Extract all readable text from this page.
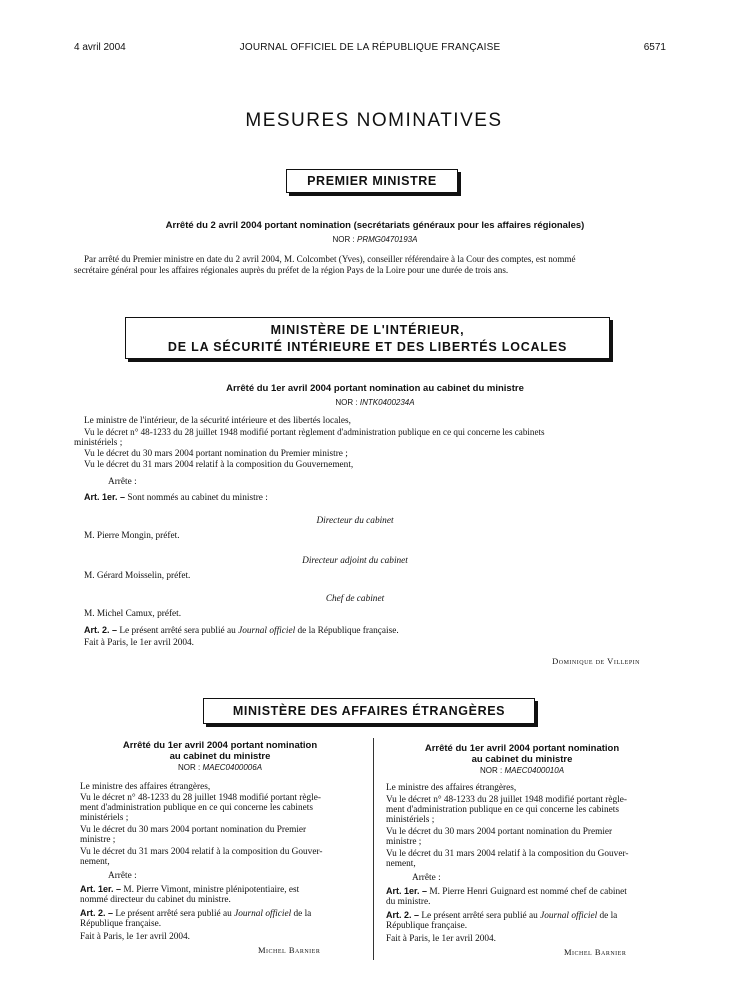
4 avril 2004	JOURNAL OFFICIEL DE LA RÉPUBLIQUE FRANÇAISE	6571
MESURES NOMINATIVES
PREMIER MINISTRE
Arrêté du 2 avril 2004 portant nomination (secrétariats généraux pour les affaires régionales)
NOR : PRMG0470193A
Par arrêté du Premier ministre en date du 2 avril 2004, M. Colcombet (Yves), conseiller référendaire à la Cour des comptes, est nommé
secrétaire général pour les affaires régionales auprès du préfet de la région Pays de la Loire pour une durée de trois ans.
MINISTÈRE DE L'INTÉRIEUR,
DE LA SÉCURITÉ INTÉRIEURE ET DES LIBERTÉS LOCALES
Arrêté du 1er avril 2004 portant nomination au cabinet du ministre
NOR : INTK0400234A
Le ministre de l'intérieur, de la sécurité intérieure et des libertés locales,
Vu le décret n° 48-1233 du 28 juillet 1948 modifié portant règlement d'administration publique en ce qui concerne les cabinets
ministériels ;
Vu le décret du 30 mars 2004 portant nomination du Premier ministre ;
Vu le décret du 31 mars 2004 relatif à la composition du Gouvernement,
Arrête :
Art. 1er. – Sont nommés au cabinet du ministre :
Directeur du cabinet
M. Pierre Mongin, préfet.
Directeur adjoint du cabinet
M. Gérard Moisselin, préfet.
Chef de cabinet
M. Michel Camux, préfet.
Art. 2. – Le présent arrêté sera publié au Journal officiel de la République française.
Fait à Paris, le 1er avril 2004.
Dominique de Villepin
MINISTÈRE DES AFFAIRES ÉTRANGÈRES
Arrêté du 1er avril 2004 portant nomination
au cabinet du ministre
NOR : MAEC0400006A
Le ministre des affaires étrangères,
Vu le décret n° 48-1233 du 28 juillet 1948 modifié portant règle-
ment d'administration publique en ce qui concerne les cabinets
ministériels ;
Vu le décret du 30 mars 2004 portant nomination du Premier
ministre ;
Vu le décret du 31 mars 2004 relatif à la composition du Gouver-
nement,
Arrête :
Art. 1er. – M. Pierre Vimont, ministre plénipotentiaire, est
nommé directeur du cabinet du ministre.
Art. 2. – Le présent arrêté sera publié au Journal officiel de la
République française.
Fait à Paris, le 1er avril 2004.
Michel Barnier
Arrêté du 1er avril 2004 portant nomination
au cabinet du ministre
NOR : MAEC0400010A
Le ministre des affaires étrangères,
Vu le décret n° 48-1233 du 28 juillet 1948 modifié portant règle-
ment d'administration publique en ce qui concerne les cabinets
ministériels ;
Vu le décret du 30 mars 2004 portant nomination du Premier
ministre ;
Vu le décret du 31 mars 2004 relatif à la composition du Gouver-
nement,
Arrête :
Art. 1er. – M. Pierre Henri Guignard est nommé chef de cabinet
du ministre.
Art. 2. – Le présent arrêté sera publié au Journal officiel de la
République française.
Fait à Paris, le 1er avril 2004.
Michel Barnier
